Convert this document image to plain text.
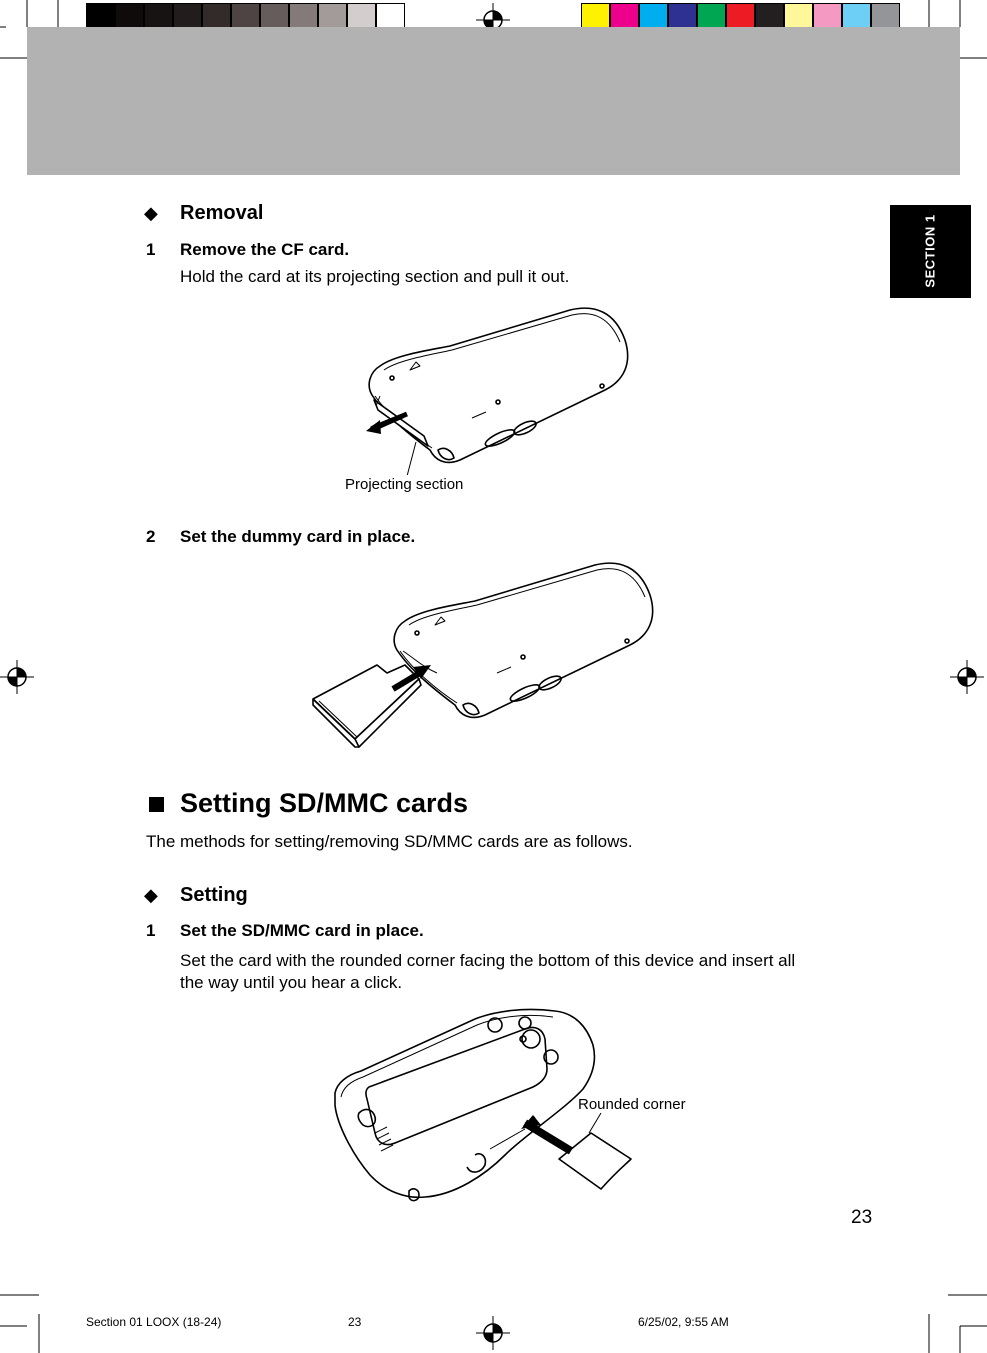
SECTION 1
◆ Removal
1 Remove the CF card.
Hold the card at its projecting section and pull it out.
Projecting section
2 Set the dummy card in place.
Setting SD/MMC cards
The methods for setting/removing SD/MMC cards are as follows.
◆ Setting
1 Set the SD/MMC card in place.
Set the card with the rounded corner facing the bottom of this device and insert all
the way until you hear a click.
Rounded corner
23
Section 01 LOOX (18-24)	23	6/25/02, 9:55 AM
